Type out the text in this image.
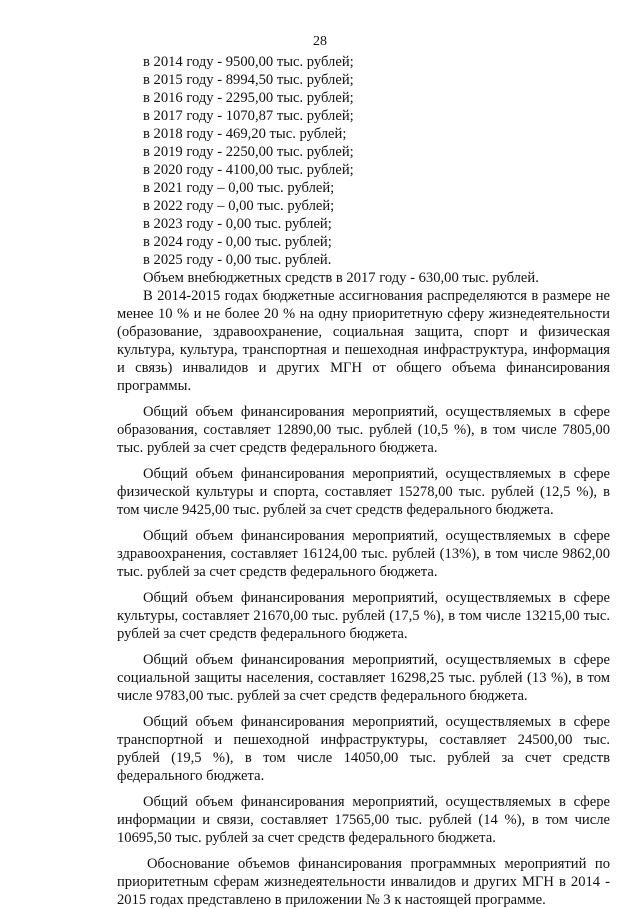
28
в 2014 году - 9500,00 тыс. рублей;
в 2015 году - 8994,50 тыс. рублей;
в 2016 году - 2295,00 тыс. рублей;
в 2017 году - 1070,87 тыс. рублей;
в 2018 году - 469,20 тыс. рублей;
в 2019 году - 2250,00 тыс. рублей;
в 2020 году - 4100,00 тыс. рублей;
в 2021 году – 0,00 тыс. рублей;
в 2022 году – 0,00 тыс. рублей;
в 2023 году - 0,00 тыс. рублей;
в 2024 году - 0,00 тыс. рублей;
в 2025 году - 0,00 тыс. рублей.

Объем внебюджетных средств в 2017 году - 630,00 тыс. рублей.

В 2014-2015 годах бюджетные ассигнования распределяются в размере не менее 10 % и не более 20 % на одну приоритетную сферу жизнедеятельности (образование, здравоохранение, социальная защита, спорт и физическая культура, культура, транспортная и пешеходная инфраструктура, информация и связь) инвалидов и других МГН от общего объема финансирования программы.

Общий объем финансирования мероприятий, осуществляемых в сфере образования, составляет 12890,00 тыс. рублей (10,5 %), в том числе 7805,00 тыс. рублей за счет средств федерального бюджета.

Общий объем финансирования мероприятий, осуществляемых в сфере физической культуры и спорта, составляет 15278,00 тыс. рублей (12,5 %), в том числе 9425,00 тыс. рублей за счет средств федерального бюджета.

Общий объем финансирования мероприятий, осуществляемых в сфере здравоохранения, составляет 16124,00 тыс. рублей (13%), в том числе 9862,00 тыс. рублей за счет средств федерального бюджета.

Общий объем финансирования мероприятий, осуществляемых в сфере культуры, составляет 21670,00 тыс. рублей (17,5 %), в том числе 13215,00 тыс. рублей за счет средств федерального бюджета.

Общий объем финансирования мероприятий, осуществляемых в сфере социальной защиты населения, составляет 16298,25 тыс. рублей (13 %), в том числе 9783,00 тыс. рублей за счет средств федерального бюджета.

Общий объем финансирования мероприятий, осуществляемых в сфере транспортной и пешеходной инфраструктуры, составляет 24500,00 тыс. рублей (19,5 %), в том числе 14050,00 тыс. рублей за счет средств федерального бюджета.

Общий объем финансирования мероприятий, осуществляемых в сфере информации и связи, составляет 17565,00 тыс. рублей (14 %), в том числе 10695,50 тыс. рублей за счет средств федерального бюджета.

Обоснование объемов финансирования программных мероприятий по приоритетным сферам жизнедеятельности инвалидов и других МГН в 2014 - 2015 годах представлено в приложении № 3 к настоящей программе.
